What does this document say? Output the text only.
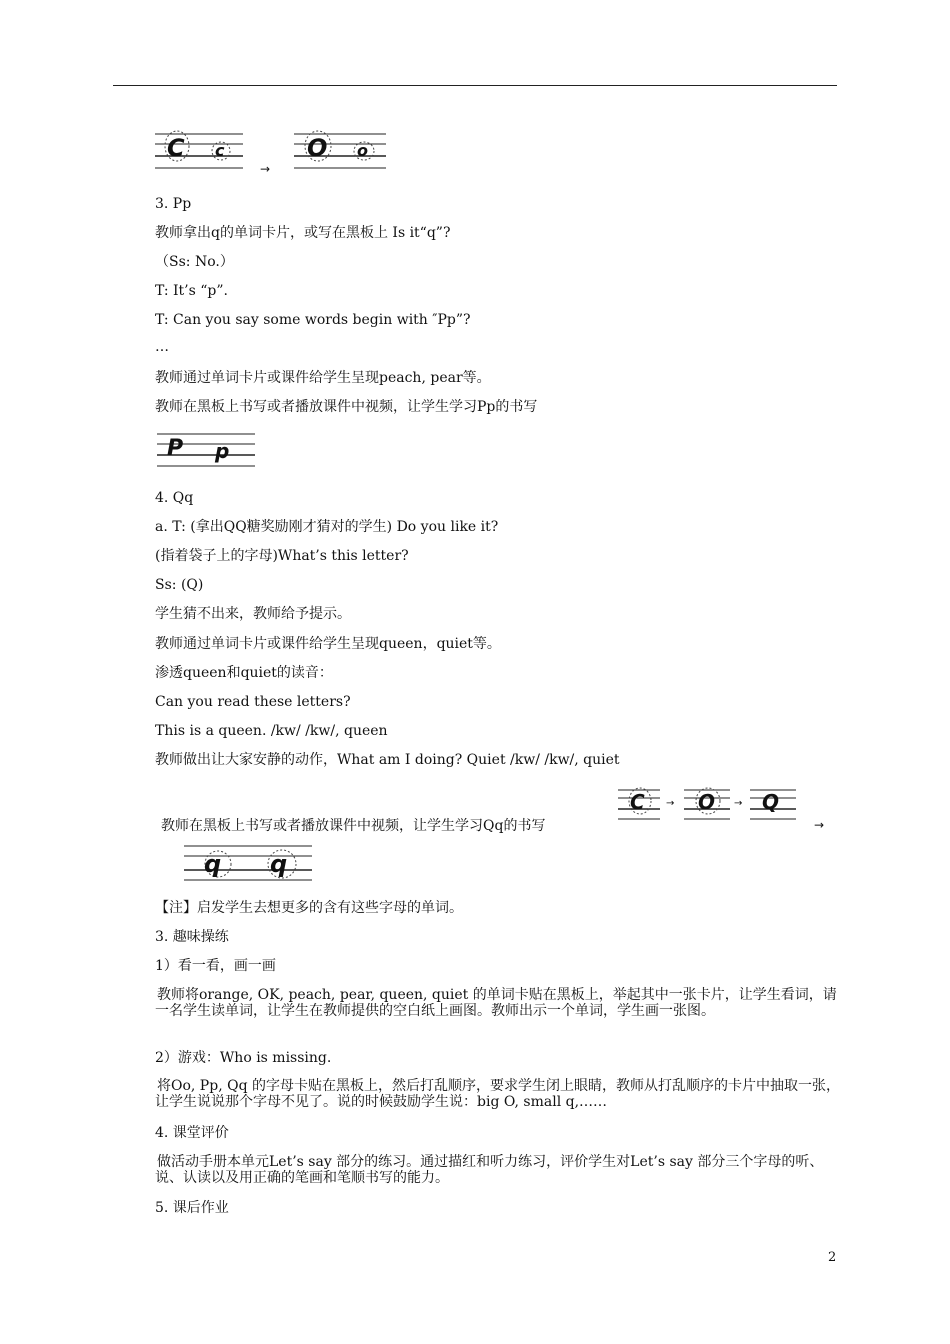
C c
→
O o
3. Pp
教师拿出q的单词卡片，或写在黑板上 Is it“q”?
（Ss: No.）
T: It’s “p”.
T: Can you say some words begin with ″Pp”?
…
教师通过单词卡片或课件给学生呈现peach, pear等。
教师在黑板上书写或者播放课件中视频，让学生学习Pp的书写
P p
4. Qq
a. T: (拿出QQ糖奖励刚才猜对的学生) Do you like it?
(指着袋子上的字母)What’s this letter?
Ss: (Q)
学生猜不出来，教师给予提示。
教师通过单词卡片或课件给学生呈现queen，quiet等。
渗透queen和quiet的读音：
Can you read these letters?
This is a queen. /kw/ /kw/, queen
教师做出让大家安静的动作，What am I doing? Quiet /kw/ /kw/, quiet
教师在黑板上书写或者播放课件中视频，让学生学习Qq的书写
C	O Q
→	→
→
q q
【注】启发学生去想更多的含有这些字母的单词。
3. 趣味操练
1）看一看，画一画
教师将orange, OK, peach, pear, queen, quiet 的单词卡贴在黑板上，举起其中一张卡片，让学生看词，请一名学生读单词，让学生在教师提供的空白纸上画图。教师出示一个单词，学生画一张图。
2）游戏：Who is missing.
将Oo, Pp, Qq 的字母卡贴在黑板上，然后打乱顺序，要求学生闭上眼睛，教师从打乱顺序的卡片中抽取一张，让学生说说那个字母不见了。说的时候鼓励学生说：big O, small q,……
4. 课堂评价
做活动手册本单元Let’s say 部分的练习。通过描红和听力练习，评价学生对Let’s say 部分三个字母的听、说、认读以及用正确的笔画和笔顺书写的能力。
5. 课后作业
2
